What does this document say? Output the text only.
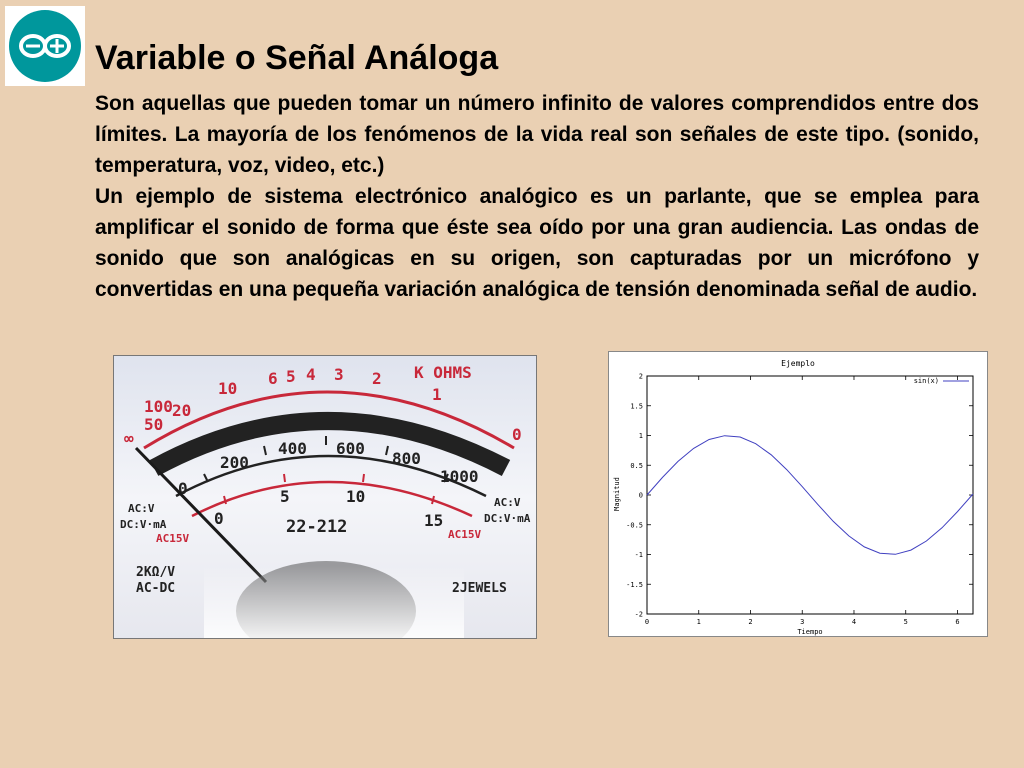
Variable o Señal Análoga

Son aquellas que pueden tomar un número infinito de valores comprendidos entre dos límites. La mayoría de los fenómenos de la vida real son señales de este tipo. (sonido, temperatura, voz, video, etc.)

Un ejemplo de sistema electrónico analógico es un parlante, que se emplea para amplificar el sonido de forma que éste sea oído por una gran audiencia. Las ondas de sonido que son analógicas en su origen, son capturadas por un micrófono y convertidas en una pequeña variación analógica de tensión denominada señal de audio.

∞
100
50
20
10
6 5 4 3 2
1
0
K OHMS
0
200
400 600
800
1000
0
5	10
15
AC:V
DC:V·mA
AC15V
AC:V
DC:V·mA
AC15V
22-212
2KΩ/V
AC-DC	2JEWELS
Ejemplo
Tiempo
Magnitud
2
1.5
1
0.5
0
-0.5
-1
-1.5
-2
0	1	2	3	4	5	6
sin(x)
